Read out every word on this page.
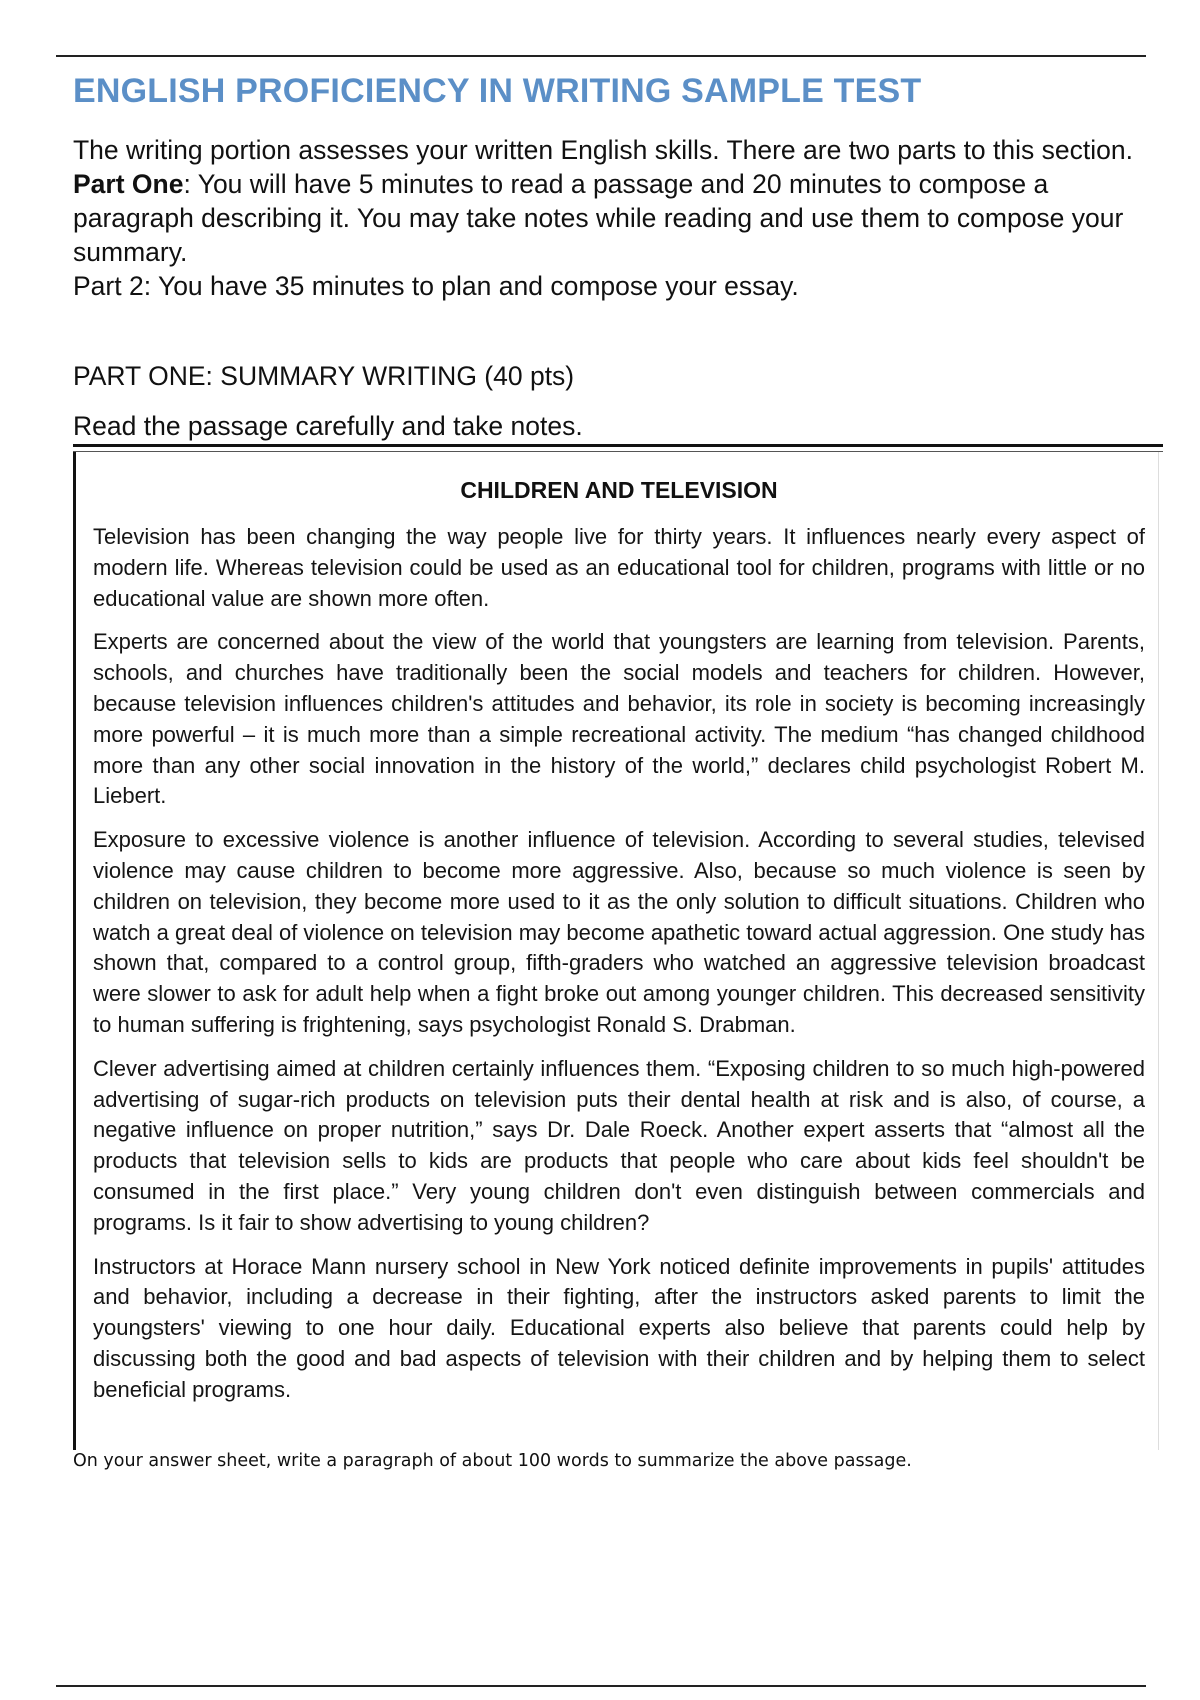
ENGLISH PROFICIENCY IN WRITING SAMPLE TEST

The writing portion assesses your written English skills. There are two parts to this section.

Part One: You will have 5 minutes to read a passage and 20 minutes to compose a paragraph describing it. You may take notes while reading and use them to compose your summary.

Part 2: You have 35 minutes to plan and compose your essay.

PART ONE: SUMMARY WRITING (40 pts)
Read the passage carefully and take notes.
CHILDREN AND TELEVISION

Television has been changing the way people live for thirty years. It influences nearly every aspect of modern life. Whereas television could be used as an educational tool for children, programs with little or no educational value are shown more often.

Experts are concerned about the view of the world that youngsters are learning from television. Parents, schools, and churches have traditionally been the social models and teachers for children. However, because television influences children's attitudes and behavior, its role in society is becoming increasingly more powerful – it is much more than a simple recreational activity. The medium “has changed childhood more than any other social innovation in the history of the world,” declares child psychologist Robert M. Liebert.

Exposure to excessive violence is another influence of television. According to several studies, televised violence may cause children to become more aggressive. Also, because so much violence is seen by children on television, they become more used to it as the only solution to difficult situations. Children who watch a great deal of violence on television may become apathetic toward actual aggression. One study has shown that, compared to a control group, fifth-graders who watched an aggressive television broadcast were slower to ask for adult help when a fight broke out among younger children. This decreased sensitivity to human suffering is frightening, says psychologist Ronald S. Drabman.

Clever advertising aimed at children certainly influences them. “Exposing children to so much high-powered advertising of sugar-rich products on television puts their dental health at risk and is also, of course, a negative influence on proper nutrition,” says Dr. Dale Roeck. Another expert asserts that “almost all the products that television sells to kids are products that people who care about kids feel shouldn't be consumed in the first place.” Very young children don't even distinguish between commercials and programs. Is it fair to show advertising to young children?

Instructors at Horace Mann nursery school in New York noticed definite improvements in pupils' attitudes and behavior, including a decrease in their fighting, after the instructors asked parents to limit the youngsters' viewing to one hour daily. Educational experts also believe that parents could help by discussing both the good and bad aspects of television with their children and by helping them to select beneficial programs.

On your answer sheet, write a paragraph of about 100 words to summarize the above passage.
